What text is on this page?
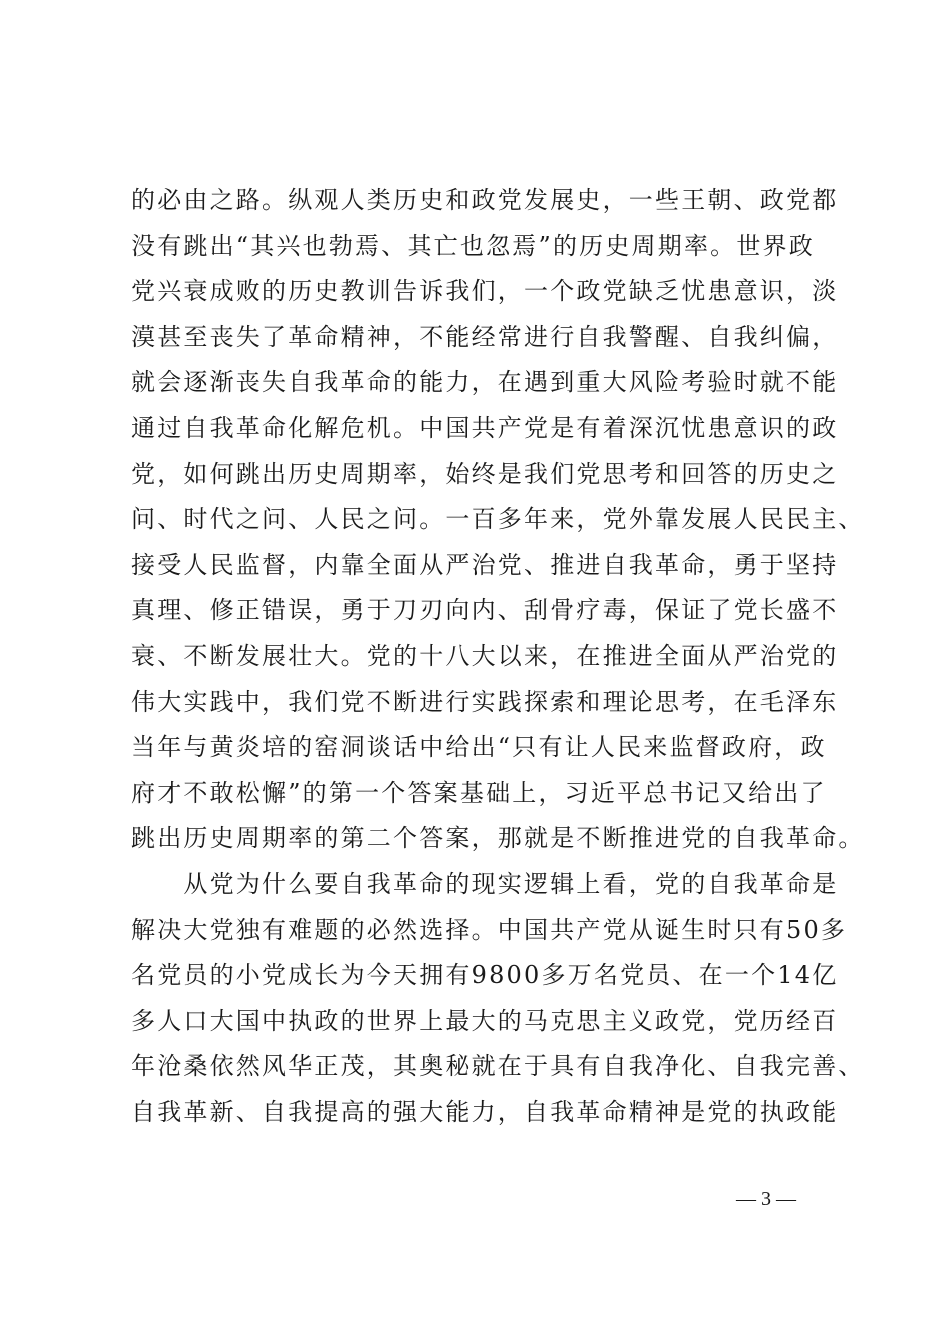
的必由之路。纵观人类历史和政党发展史，一些王朝、政党都
没有跳出“其兴也勃焉、其亡也忽焉”的历史周期率。世界政
党兴衰成败的历史教训告诉我们，一个政党缺乏忧患意识，淡
漠甚至丧失了革命精神，不能经常进行自我警醒、自我纠偏，
就会逐渐丧失自我革命的能力，在遇到重大风险考验时就不能
通过自我革命化解危机。中国共产党是有着深沉忧患意识的政
党，如何跳出历史周期率，始终是我们党思考和回答的历史之
问、时代之问、人民之问。一百多年来，党外靠发展人民民主、
接受人民监督，内靠全面从严治党、推进自我革命，勇于坚持
真理、修正错误，勇于刀刃向内、刮骨疗毒，保证了党长盛不
衰、不断发展壮大。党的十八大以来，在推进全面从严治党的
伟大实践中，我们党不断进行实践探索和理论思考，在毛泽东
当年与黄炎培的窑洞谈话中给出“只有让人民来监督政府，政
府才不敢松懈”的第一个答案基础上，习近平总书记又给出了
跳出历史周期率的第二个答案，那就是不断推进党的自我革命。
　　从党为什么要自我革命的现实逻辑上看，党的自我革命是
解决大党独有难题的必然选择。中国共产党从诞生时只有50多
名党员的小党成长为今天拥有9800多万名党员、在一个14亿
多人口大国中执政的世界上最大的马克思主义政党，党历经百
年沧桑依然风华正茂，其奥秘就在于具有自我净化、自我完善、
自我革新、自我提高的强大能力，自我革命精神是党的执政能
— 3 —
